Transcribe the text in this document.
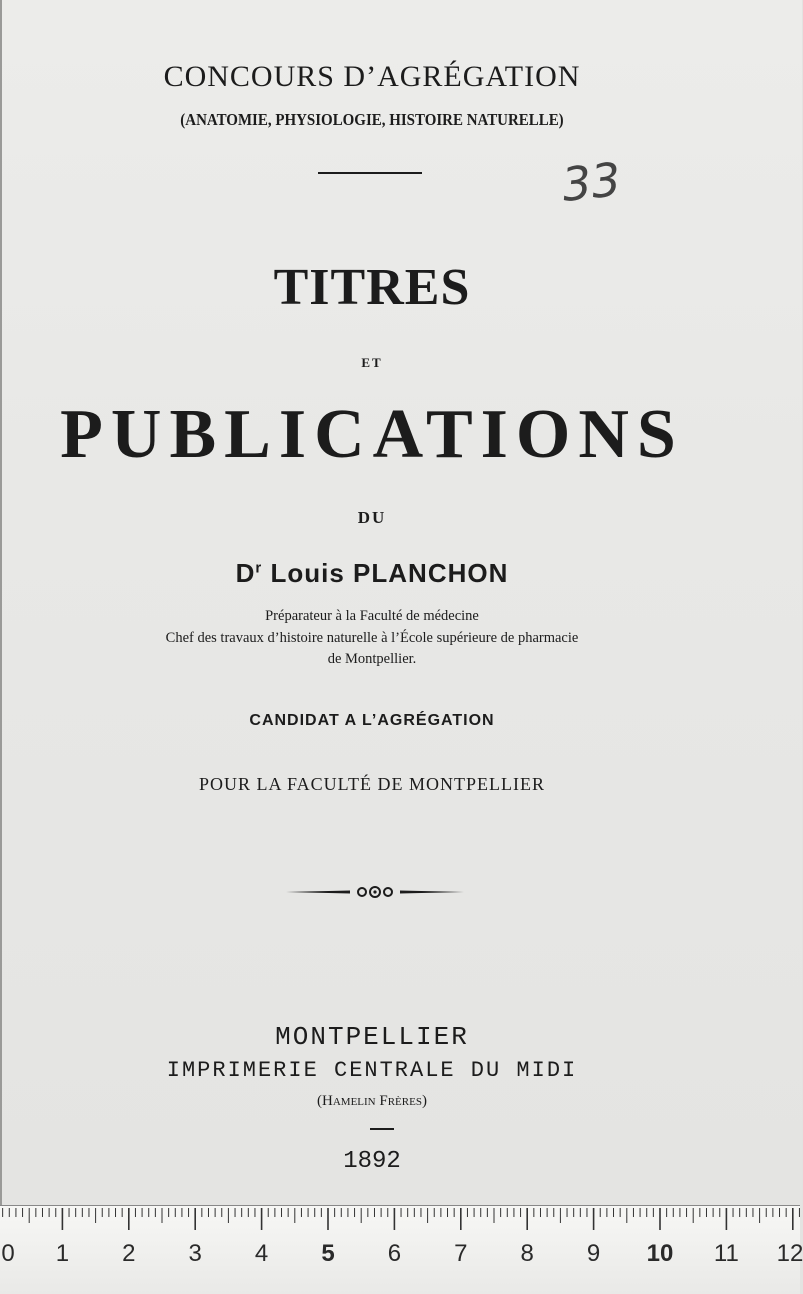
CONCOURS D’AGRÉGATION
(ANATOMIE, PHYSIOLOGIE, HISTOIRE NATURELLE)
33
TITRES
ET
PUBLICATIONS
DU
$D^r$ Louis PLANCHON
Préparateur à la Faculté de médecine
Chef des travaux d’histoire naturelle à l’École supérieure de pharmacie
de Montpellier.
CANDIDAT A L’AGRÉGATION
POUR LA FACULTÉ DE MONTPELLIER
MONTPELLIER
IMPRIMERIE CENTRALE DU MIDI
(Hamelin Frères)
1892
0 1 2 3 4 5 6 7 8 9 10 11 12
